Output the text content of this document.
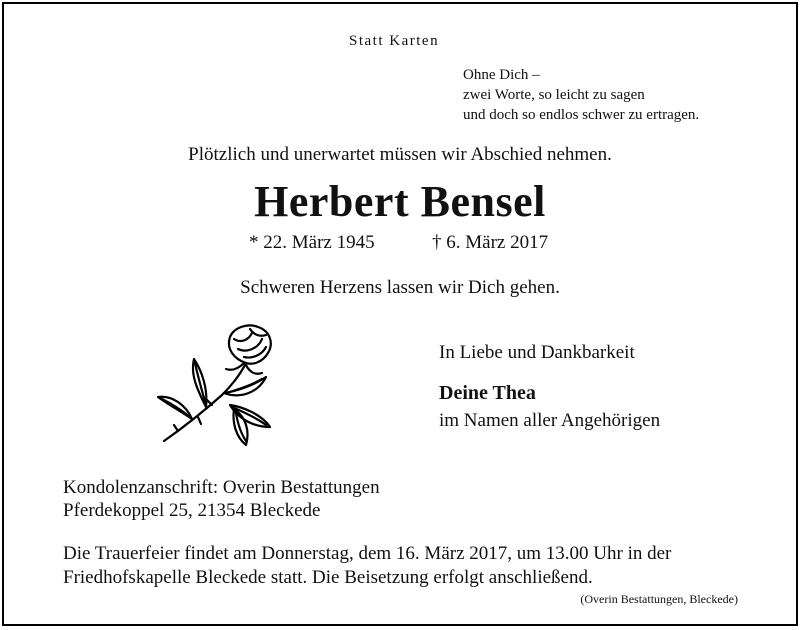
Statt Karten
Ohne Dich –
zwei Worte, so leicht zu sagen
und doch so endlos schwer zu ertragen.
Plötzlich und unerwartet müssen wir Abschied nehmen.
Herbert Bensel
* 22. März 1945	† 6. März 2017
Schweren Herzens lassen wir Dich gehen.
In Liebe und Dankbarkeit
Deine Thea
im Namen aller Angehörigen
Kondolenzanschrift: Overin Bestattungen
Pferdekoppel 25, 21354 Bleckede
Die Trauerfeier findet am Donnerstag, dem 16. März 2017, um 13.00 Uhr in der
Friedhofskapelle Bleckede statt. Die Beisetzung erfolgt anschließend.
(Overin Bestattungen, Bleckede)
